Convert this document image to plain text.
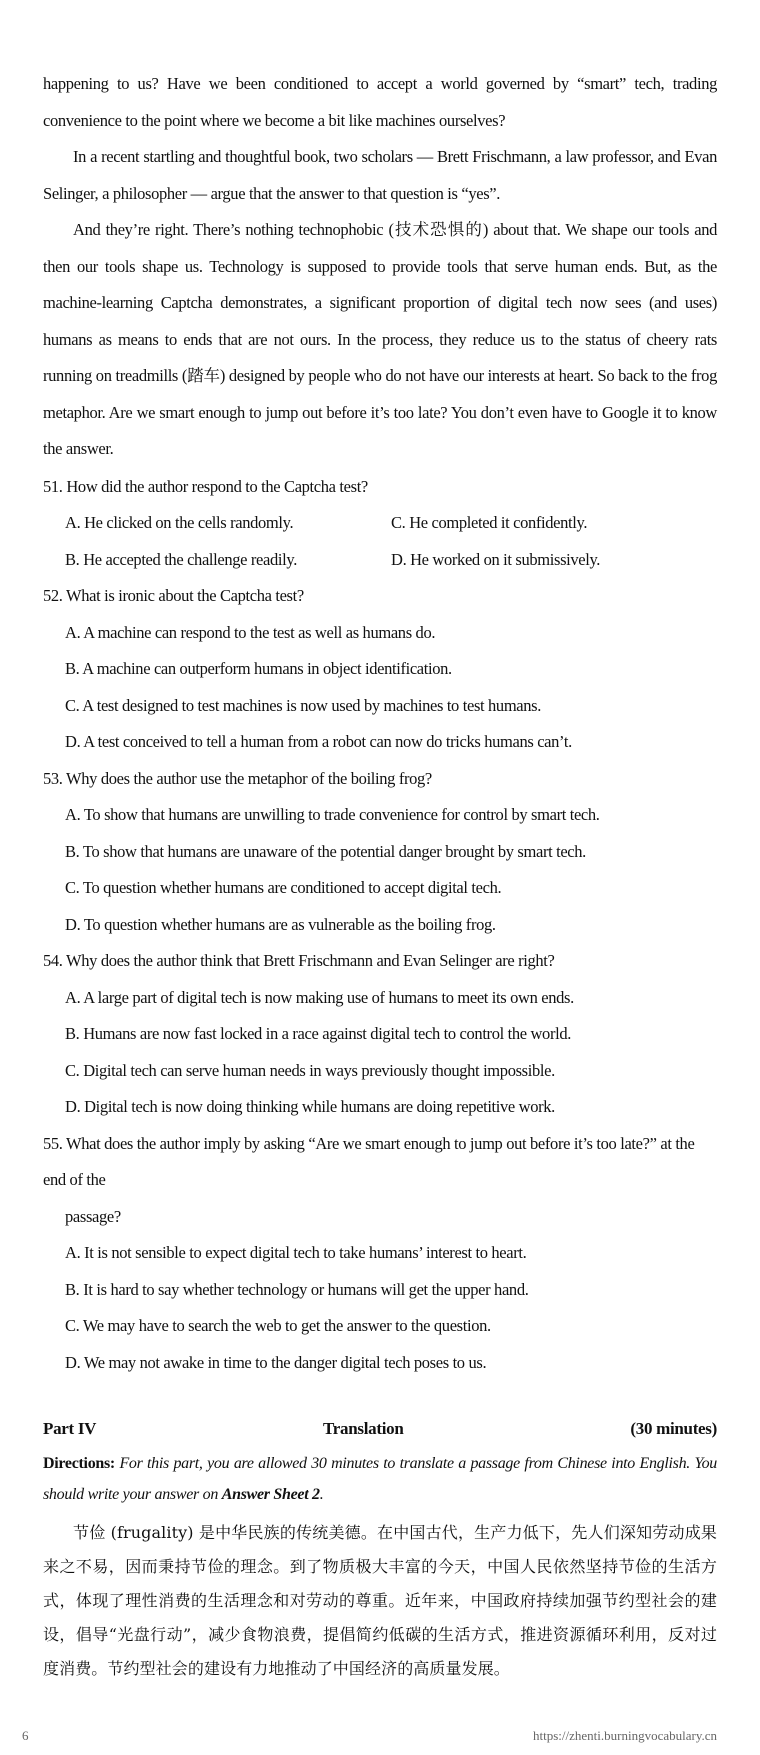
happening to us? Have we been conditioned to accept a world governed by “smart” tech, trading convenience to the point where we become a bit like machines ourselves?

In a recent startling and thoughtful book, two scholars — Brett Frischmann, a law professor, and Evan Selinger, a philosopher — argue that the answer to that question is “yes”.

And they’re right. There’s nothing technophobic (技术恐惧的) about that. We shape our tools and then our tools shape us. Technology is supposed to provide tools that serve human ends. But, as the machine-learning Captcha demonstrates, a significant proportion of digital tech now sees (and uses) humans as means to ends that are not ours. In the process, they reduce us to the status of cheery rats running on treadmills (踏车) designed by people who do not have our interests at heart. So back to the frog metaphor. Are we smart enough to jump out before it’s too late? You don’t even have to Google it to know the answer.

51. How did the author respond to the Captcha test?
A. He clicked on the cells randomly.	C. He completed it confidently.
B. He accepted the challenge readily.	D. He worked on it submissively.
52. What is ironic about the Captcha test?
A. A machine can respond to the test as well as humans do.
B. A machine can outperform humans in object identification.
C. A test designed to test machines is now used by machines to test humans.
D. A test conceived to tell a human from a robot can now do tricks humans can’t.
53. Why does the author use the metaphor of the boiling frog?
A. To show that humans are unwilling to trade convenience for control by smart tech.
B. To show that humans are unaware of the potential danger brought by smart tech.
C. To question whether humans are conditioned to accept digital tech.
D. To question whether humans are as vulnerable as the boiling frog.
54. Why does the author think that Brett Frischmann and Evan Selinger are right?
A. A large part of digital tech is now making use of humans to meet its own ends.
B. Humans are now fast locked in a race against digital tech to control the world.
C. Digital tech can serve human needs in ways previously thought impossible.
D. Digital tech is now doing thinking while humans are doing repetitive work.
55. What does the author imply by asking “Are we smart enough to jump out before it’s too late?” at the end of the
passage?
A. It is not sensible to expect digital tech to take humans’ interest to heart.
B. It is hard to say whether technology or humans will get the upper hand.
C. We may have to search the web to get the answer to the question.
D. We may not awake in time to the danger digital tech poses to us.
Part IV	Translation	(30 minutes)
Directions: For this part, you are allowed 30 minutes to translate a passage from Chinese into English. You should write your answer on Answer Sheet 2.

节俭 (frugality) 是中华民族的传统美德。在中国古代，生产力低下，先人们深知劳动成果来之不易，因而秉持节俭的理念。到了物质极大丰富的今天，中国人民依然坚持节俭的生活方式，体现了理性消费的生活理念和对劳动的尊重。近年来，中国政府持续加强节约型社会的建设，倡导“光盘行动”，减少食物浪费，提倡简约低碳的生活方式，推进资源循环利用，反对过度消费。节约型社会的建设有力地推动了中国经济的高质量发展。

6	https://zhenti.burningvocabulary.cn
